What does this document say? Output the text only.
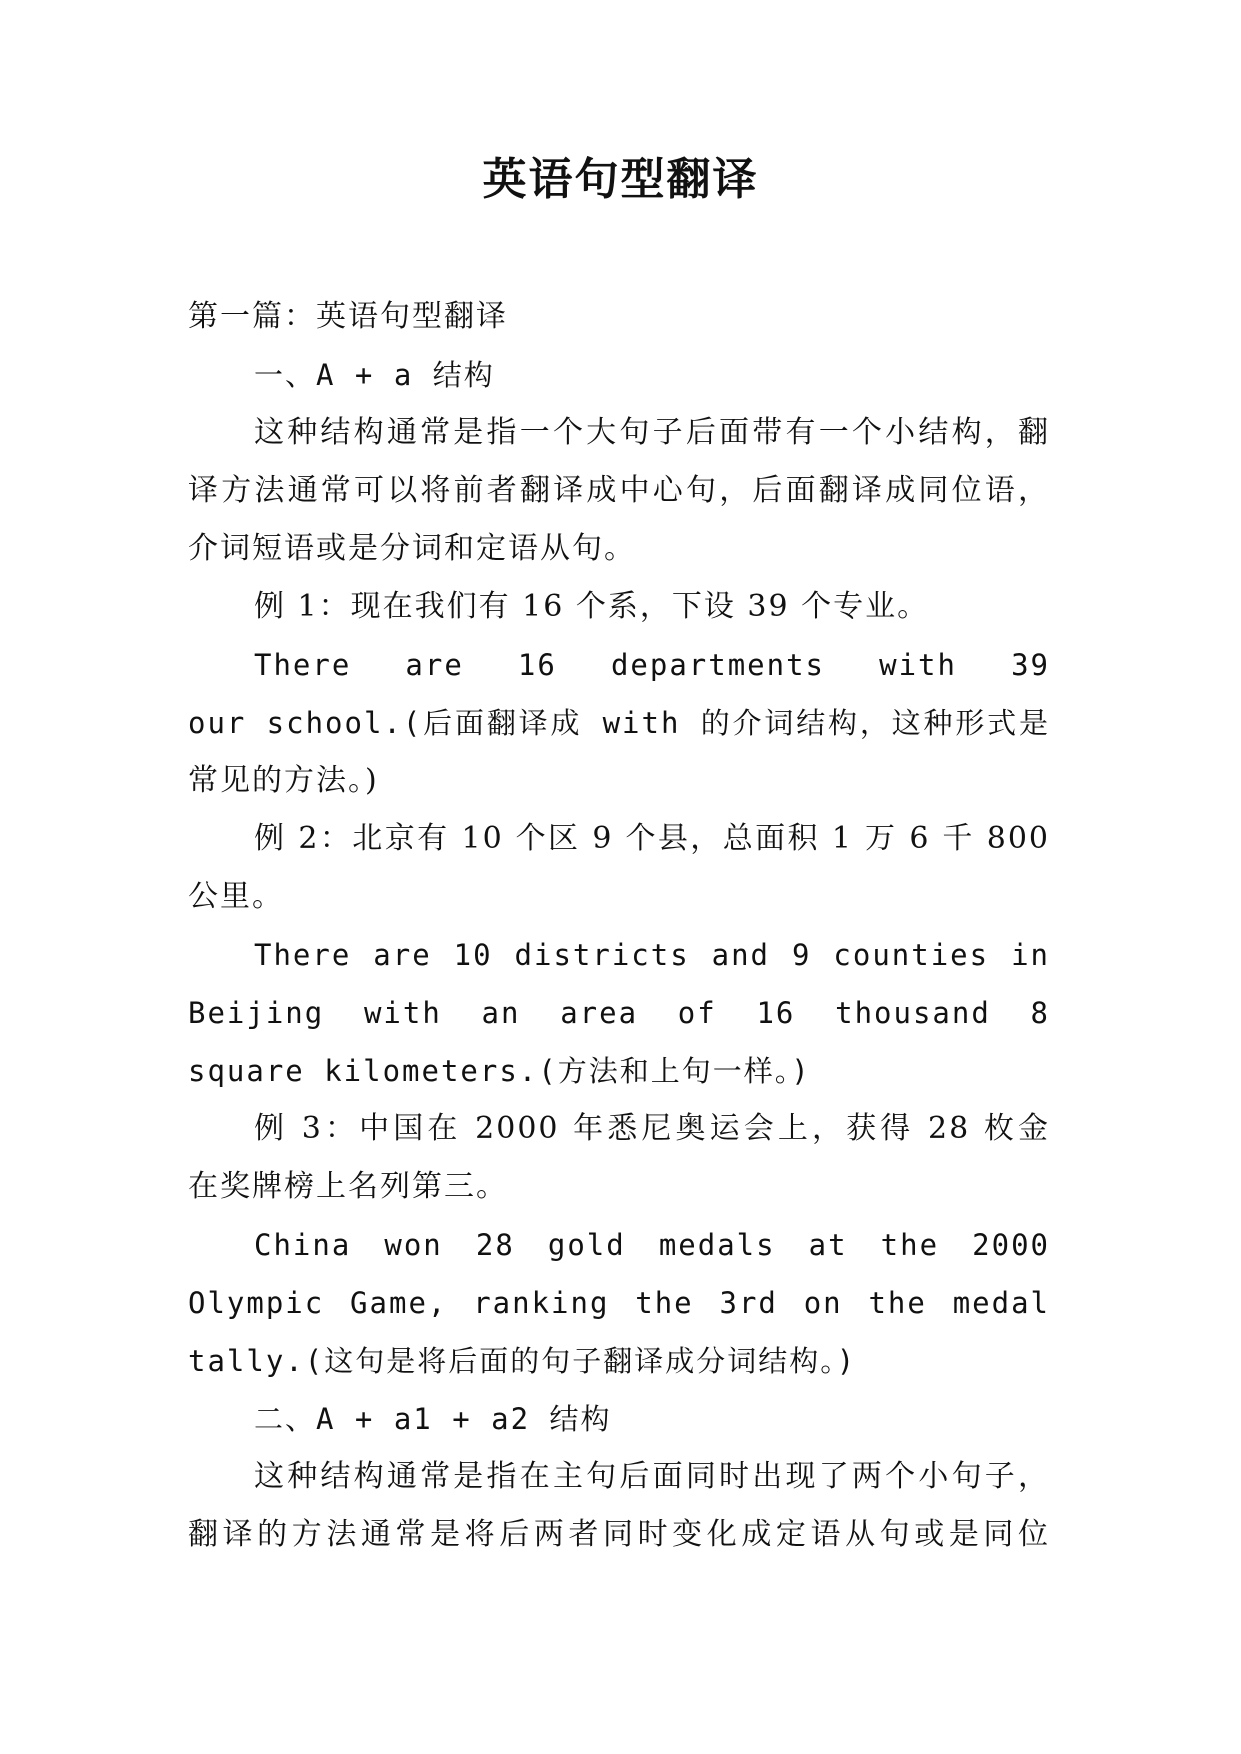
英语句型翻译
第一篇：英语句型翻译
一、A + a 结构
这种结构通常是指一个大句子后面带有一个小结构，翻
译方法通常可以将前者翻译成中心句，后面翻译成同位语，
介词短语或是分词和定语从句。
例 1：现在我们有 16 个系，下设 39 个专业。
There are 16 departments with 39
our school.(后面翻译成 with 的介词结构，这种形式是
常见的方法。)
例 2：北京有 10 个区 9 个县，总面积 1 万 6 千 800
公里。
There are 10 districts and 9 counties in
Beijing with an area of 16 thousand 8
square kilometers.(方法和上句一样。)
例 3：中国在 2000 年悉尼奥运会上，获得 28 枚金
在奖牌榜上名列第三。
China won 28 gold medals at the 2000
Olympic Game, ranking the 3rd on the medal
tally.(这句是将后面的句子翻译成分词结构。)
二、A + a1 + a2 结构
这种结构通常是指在主句后面同时出现了两个小句子，
翻译的方法通常是将后两者同时变化成定语从句或是同位
